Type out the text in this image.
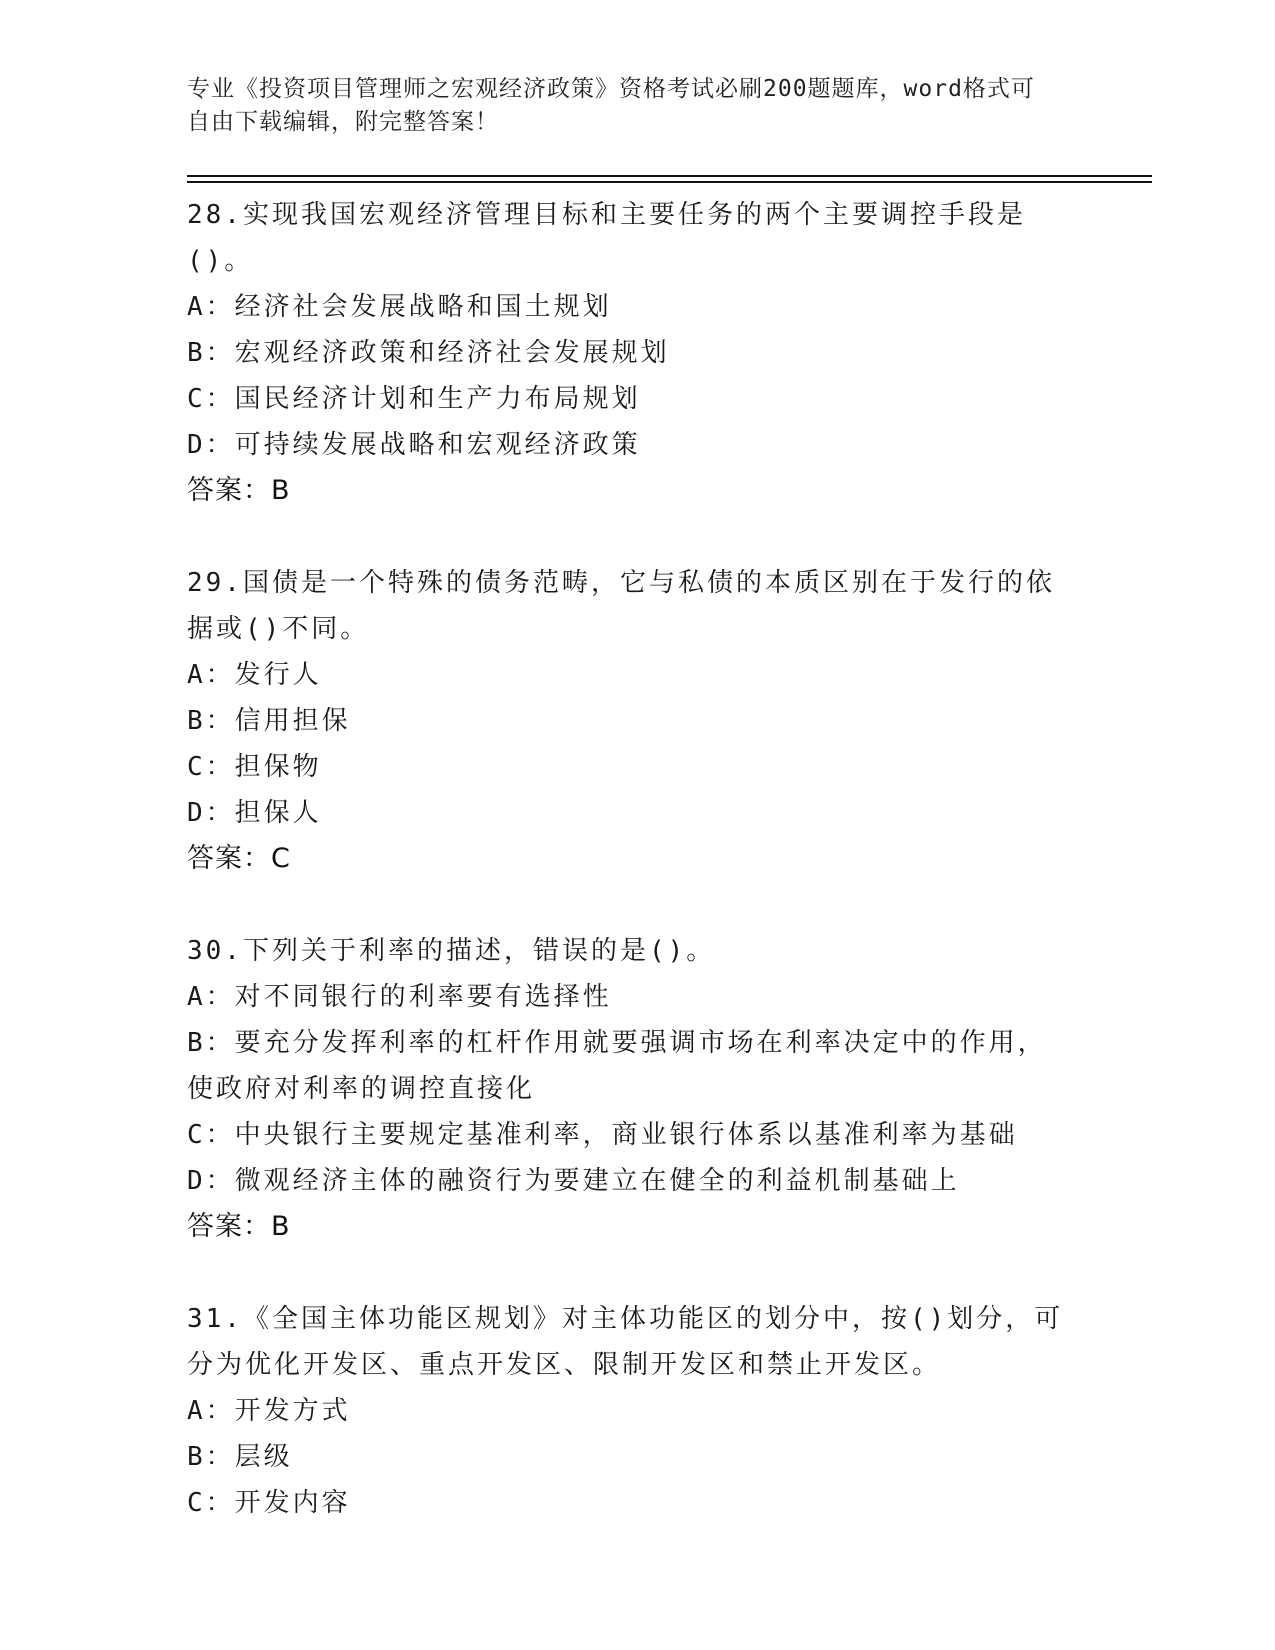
专业《投资项目管理师之宏观经济政策》资格考试必刷200题题库，word格式可
自由下载编辑，附完整答案！
28.实现我国宏观经济管理目标和主要任务的两个主要调控手段是()。
A：经济社会发展战略和国土规划
B：宏观经济政策和经济社会发展规划
C：国民经济计划和生产力布局规划
D：可持续发展战略和宏观经济政策
答案：B
29.国债是一个特殊的债务范畴，它与私债的本质区别在于发行的依据或()不同。
A：发行人
B：信用担保
C：担保物
D：担保人
答案：C
30.下列关于利率的描述，错误的是()。
A：对不同银行的利率要有选择性
B：要充分发挥利率的杠杆作用就要强调市场在利率决定中的作用，使政府对利率的调控直接化
C：中央银行主要规定基准利率，商业银行体系以基准利率为基础
D：微观经济主体的融资行为要建立在健全的利益机制基础上
答案：B
31.《全国主体功能区规划》对主体功能区的划分中，按()划分，可分为优化开发区、重点开发区、限制开发区和禁止开发区。
A：开发方式
B：层级
C：开发内容
